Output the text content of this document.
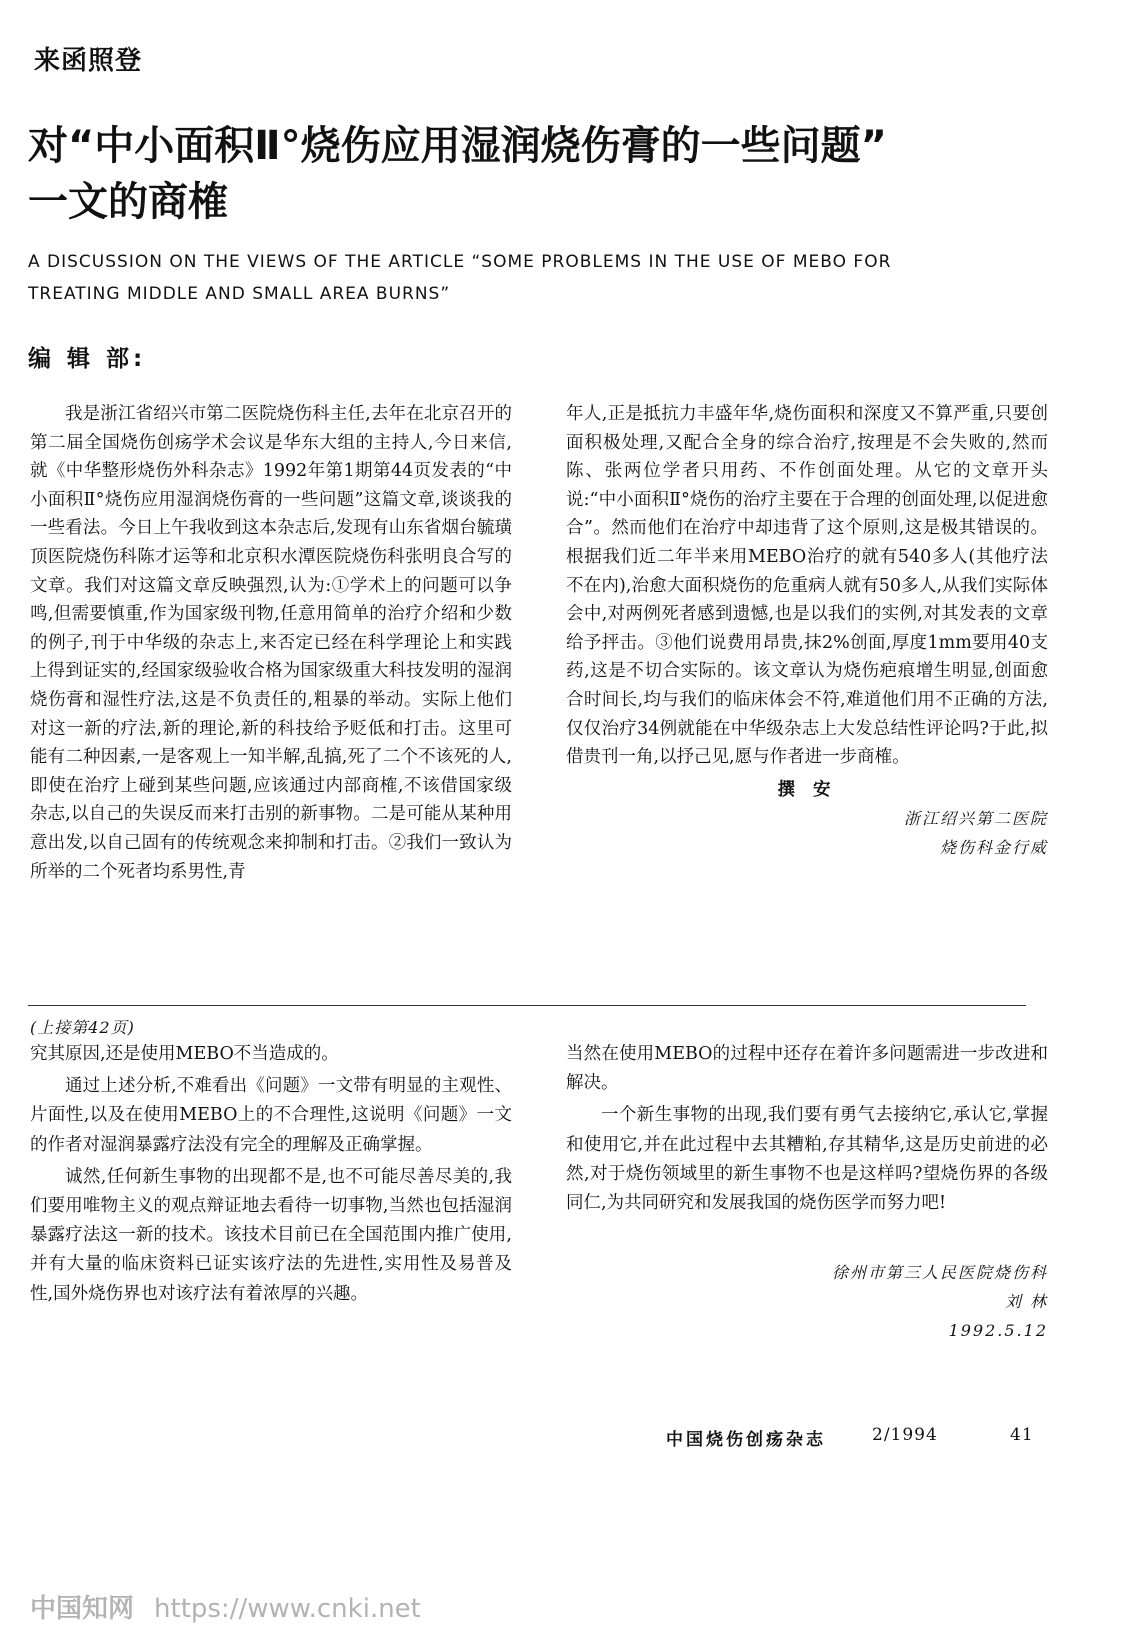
来函照登
对“中小面积Ⅱ°烧伤应用湿润烧伤膏的一些问题”
一文的商榷
A DISCUSSION ON THE VIEWS OF THE ARTICLE “SOME PROBLEMS IN THE USE OF MEBO FOR
TREATING MIDDLE AND SMALL AREA BURNS”
编 辑 部:

我是浙江省绍兴市第二医院烧伤科主任,去年在北京召开的第二届全国烧伤创疡学术会议是华东大组的主持人,今日来信,就《中华整形烧伤外科杂志》1992年第1期第44页发表的“中小面积Ⅱ°烧伤应用湿润烧伤膏的一些问题”这篇文章,谈谈我的一些看法。今日上午我收到这本杂志后,发现有山东省烟台毓璜顶医院烧伤科陈才运等和北京积水潭医院烧伤科张明良合写的文章。我们对这篇文章反映强烈,认为:①学术上的问题可以争鸣,但需要慎重,作为国家级刊物,任意用简单的治疗介绍和少数的例子,刊于中华级的杂志上,来否定已经在科学理论上和实践上得到证实的,经国家级验收合格为国家级重大科技发明的湿润烧伤膏和湿性疗法,这是不负责任的,粗暴的举动。实际上他们对这一新的疗法,新的理论,新的科技给予贬低和打击。这里可能有二种因素,一是客观上一知半解,乱搞,死了二个不该死的人,即使在治疗上碰到某些问题,应该通过内部商榷,不该借国家级杂志,以自己的失误反而来打击别的新事物。二是可能从某种用意出发,以自己固有的传统观念来抑制和打击。②我们一致认为所举的二个死者均系男性,青

年人,正是抵抗力丰盛年华,烧伤面积和深度又不算严重,只要创面积极处理,又配合全身的综合治疗,按理是不会失败的,然而陈、张两位学者只用药、不作创面处理。从它的文章开头说:“中小面积Ⅱ°烧伤的治疗主要在于合理的创面处理,以促进愈合”。然而他们在治疗中却违背了这个原则,这是极其错误的。根据我们近二年半来用MEBO治疗的就有540多人(其他疗法不在内),治愈大面积烧伤的危重病人就有50多人,从我们实际体会中,对两例死者感到遗憾,也是以我们的实例,对其发表的文章给予抨击。③他们说费用昂贵,抹2%创面,厚度1mm要用40支药,这是不切合实际的。该文章认为烧伤疤痕增生明显,创面愈合时间长,均与我们的临床体会不符,难道他们用不正确的方法,仅仅治疗34例就能在中华级杂志上大发总结性评论吗?于此,拟借贵刊一角,以抒己见,愿与作者进一步商榷。

撰 安

浙江绍兴第二医院

烧伤科金行威

(上接第42页)

究其原因,还是使用MEBO不当造成的。

通过上述分析,不难看出《问题》一文带有明显的主观性、片面性,以及在使用MEBO上的不合理性,这说明《问题》一文的作者对湿润暴露疗法没有完全的理解及正确掌握。

诚然,任何新生事物的出现都不是,也不可能尽善尽美的,我们要用唯物主义的观点辩证地去看待一切事物,当然也包括湿润暴露疗法这一新的技术。该技术目前已在全国范围内推广使用,并有大量的临床资料已证实该疗法的先进性,实用性及易普及性,国外烧伤界也对该疗法有着浓厚的兴趣。

当然在使用MEBO的过程中还存在着许多问题需进一步改进和解决。

一个新生事物的出现,我们要有勇气去接纳它,承认它,掌握和使用它,并在此过程中去其糟粕,存其精华,这是历史前进的必然,对于烧伤领域里的新生事物不也是这样吗?望烧伤界的各级同仁,为共同研究和发展我国的烧伤医学而努力吧!

徐州市第三人民医院烧伤科

刘 林

1992.5.12

中国烧伤创疡杂志	2/1994	41
中国知网 https://www.cnki.net
